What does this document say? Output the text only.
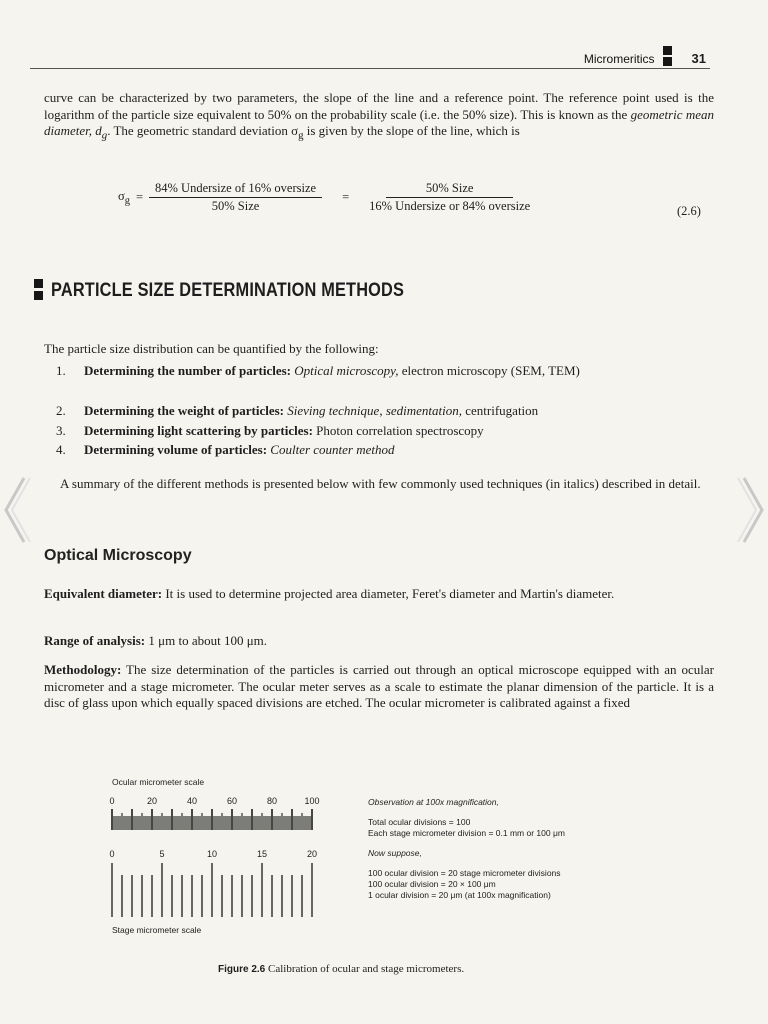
Micromeritics	31
curve can be characterized by two parameters, the slope of the line and a reference point. The reference point used is the logarithm of the particle size equivalent to 50% on the probability scale (i.e. the 50% size). This is known as the geometric mean diameter, $d_g$. The geometric standard deviation $\sigma_g$ is given by the slope of the line, which is
$\sigma_g = \frac{\text{84\% Undersize of 16\% oversize}}{\text{50\% Size}} = \frac{\text{50\% Size}}{\text{16\% Undersize or 84\% oversize}}$	(2.6)
PARTICLE SIZE DETERMINATION METHODS
The particle size distribution can be quantified by the following:
1. Determining the number of particles: Optical microscopy, electron microscopy (SEM, TEM)
2. Determining the weight of particles: Sieving technique, sedimentation, centrifugation
3. Determining light scattering by particles: Photon correlation spectroscopy
4. Determining volume of particles: Coulter counter method
A summary of the different methods is presented below with few commonly used techniques (in italics) described in detail.
Optical Microscopy
Equivalent diameter: It is used to determine projected area diameter, Feret's diameter and Martin's diameter.
Range of analysis: 1 μm to about 100 μm.
Methodology: The size determination of the particles is carried out through an optical microscope equipped with an ocular micrometer and a stage micrometer. The ocular meter serves as a scale to estimate the planar dimension of the particle. It is a disc of glass upon which equally spaced divisions are etched. The ocular micrometer is calibrated against a fixed
Ocular micrometer scale
0	20	40	60	80	100
0	5	10	15	20
Stage micrometer scale
Observation at 100x magnification,
Total ocular divisions = 100
Each stage micrometer division = 0.1 mm or 100 μm
Now suppose,
100 ocular division = 20 stage micrometer divisions
100 ocular division = 20 × 100 μm
1 ocular division = 20 μm (at 100x magnification)
Figure 2.6 Calibration of ocular and stage micrometers.
